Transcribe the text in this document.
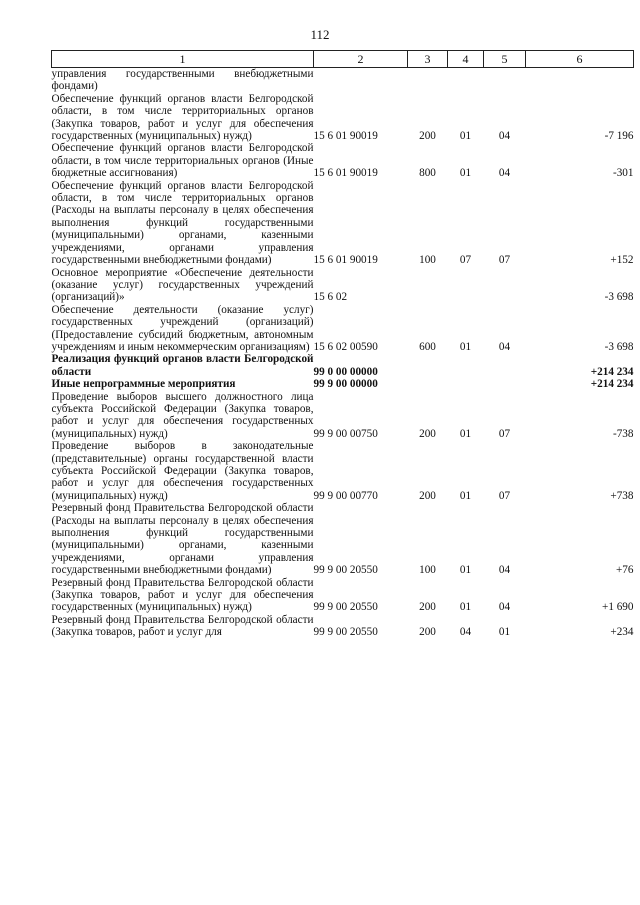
112
1	2	3	4	5	6
управления государственными внебюджетными фондами)					
Обеспечение функций органов власти Белгородской области, в том числе территориальных органов (Закупка товаров, работ и услуг для обеспечения государственных (муниципальных) нужд)	15 6 01 90019	200	01	04	-7 196
Обеспечение функций органов власти Белгородской области, в том числе территориальных органов (Иные бюджетные ассигнования)	15 6 01 90019	800	01	04	-301
Обеспечение функций органов власти Белгородской области, в том числе территориальных органов (Расходы на выплаты персоналу в целях обеспечения выполнения функций государственными (муниципальными) органами, казенными учреждениями, органами управления государственными внебюджетными фондами)	15 6 01 90019	100	07	07	+152
Основное мероприятие «Обеспечение деятельности (оказание услуг) государственных учреждений (организаций)»	15 6 02				-3 698
Обеспечение деятельности (оказание услуг) государственных учреждений (организаций) (Предоставление субсидий бюджетным, автономным учреждениям и иным некоммерческим организациям)	15 6 02 00590	600	01	04	-3 698
Реализация функций органов власти Белгородской области	99 0 00 00000				+214 234
Иные непрограммные мероприятия	99 9 00 00000				+214 234
Проведение выборов высшего должностного лица субъекта Российской Федерации (Закупка товаров, работ и услуг для обеспечения государственных (муниципальных) нужд)	99 9 00 00750	200	01	07	-738
Проведение выборов в законодательные (представительные) органы государственной власти субъекта Российской Федерации (Закупка товаров, работ и услуг для обеспечения государственных (муниципальных) нужд)	99 9 00 00770	200	01	07	+738
Резервный фонд Правительства Белгородской области (Расходы на выплаты персоналу в целях обеспечения выполнения функций государственными (муниципальными) органами, казенными учреждениями, органами управления государственными внебюджетными фондами)	99 9 00 20550	100	01	04	+76
Резервный фонд Правительства Белгородской области (Закупка товаров, работ и услуг для обеспечения государственных (муниципальных) нужд)	99 9 00 20550	200	01	04	+1 690
Резервный фонд Правительства Белгородской области (Закупка товаров, работ и услуг для	99 9 00 20550	200	04	01	+234
